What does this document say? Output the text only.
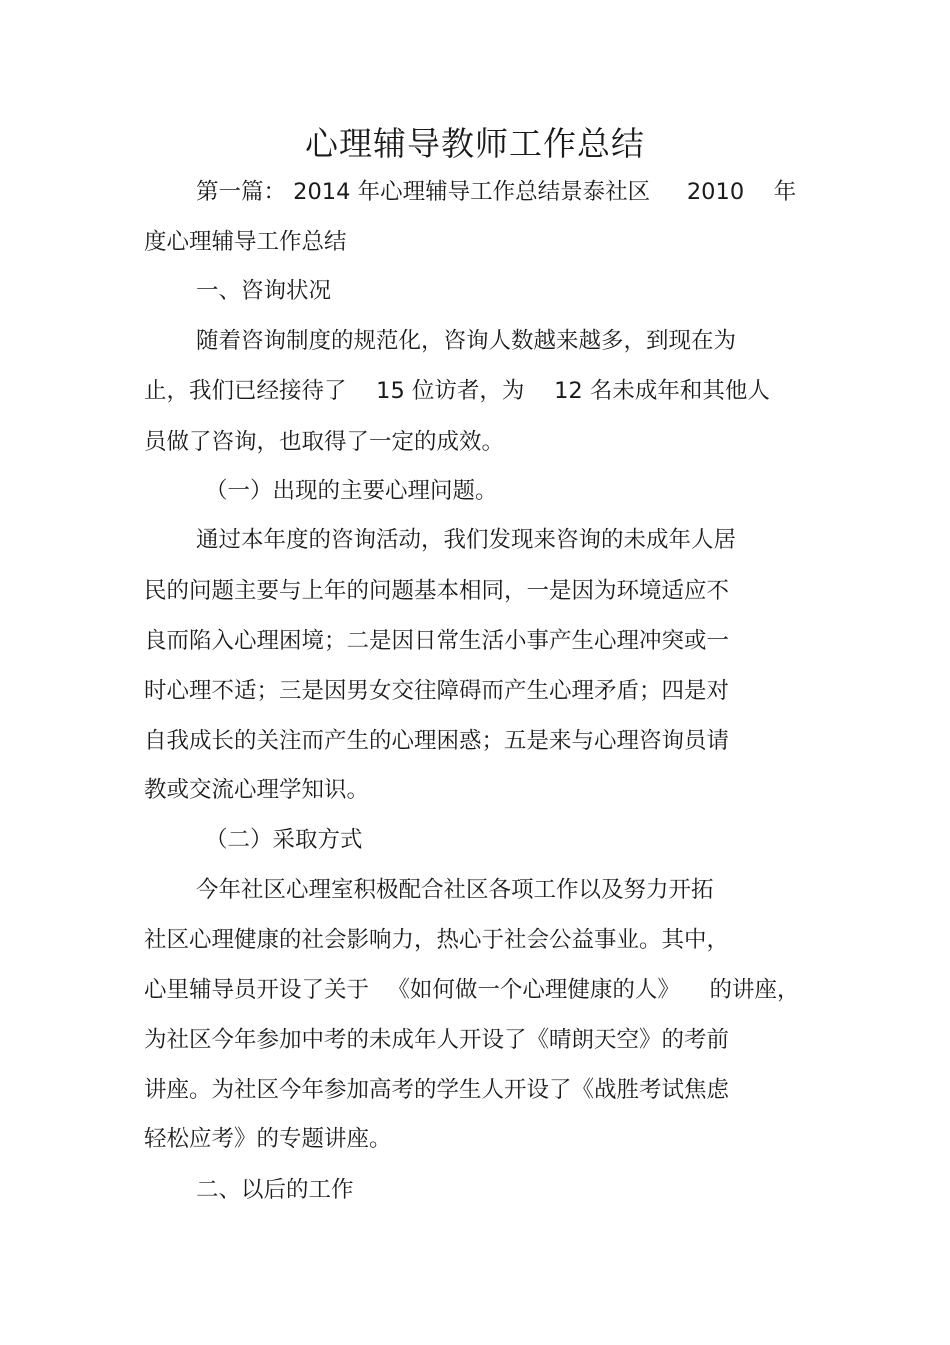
心理辅导教师工作总结
第一篇： 2014 年心理辅导工作总结景泰社区 　 2010 　年
度心理辅导工作总结
一、咨询状况
随着咨询制度的规范化，咨询人数越来越多，到现在为
止，我们已经接待了 　15 位访者，为 　12 名未成年和其他人
员做了咨询，也取得了一定的成效。
（一）出现的主要心理问题。
通过本年度的咨询活动，我们发现来咨询的未成年人居
民的问题主要与上年的问题基本相同，一是因为环境适应不
良而陷入心理困境；二是因日常生活小事产生心理冲突或一
时心理不适；三是因男女交往障碍而产生心理矛盾；四是对
自我成长的关注而产生的心理困惑；五是来与心理咨询员请
教或交流心理学知识。
（二）采取方式
今年社区心理室积极配合社区各项工作以及努力开拓
社区心理健康的社会影响力，热心于社会公益事业。其中，
心里辅导员开设了关于 　《如何做一个心理健康的人》 　的讲座，
为社区今年参加中考的未成年人开设了《晴朗天空》的考前
讲座。为社区今年参加高考的学生人开设了《战胜考试焦虑
轻松应考》的专题讲座。
二、以后的工作
